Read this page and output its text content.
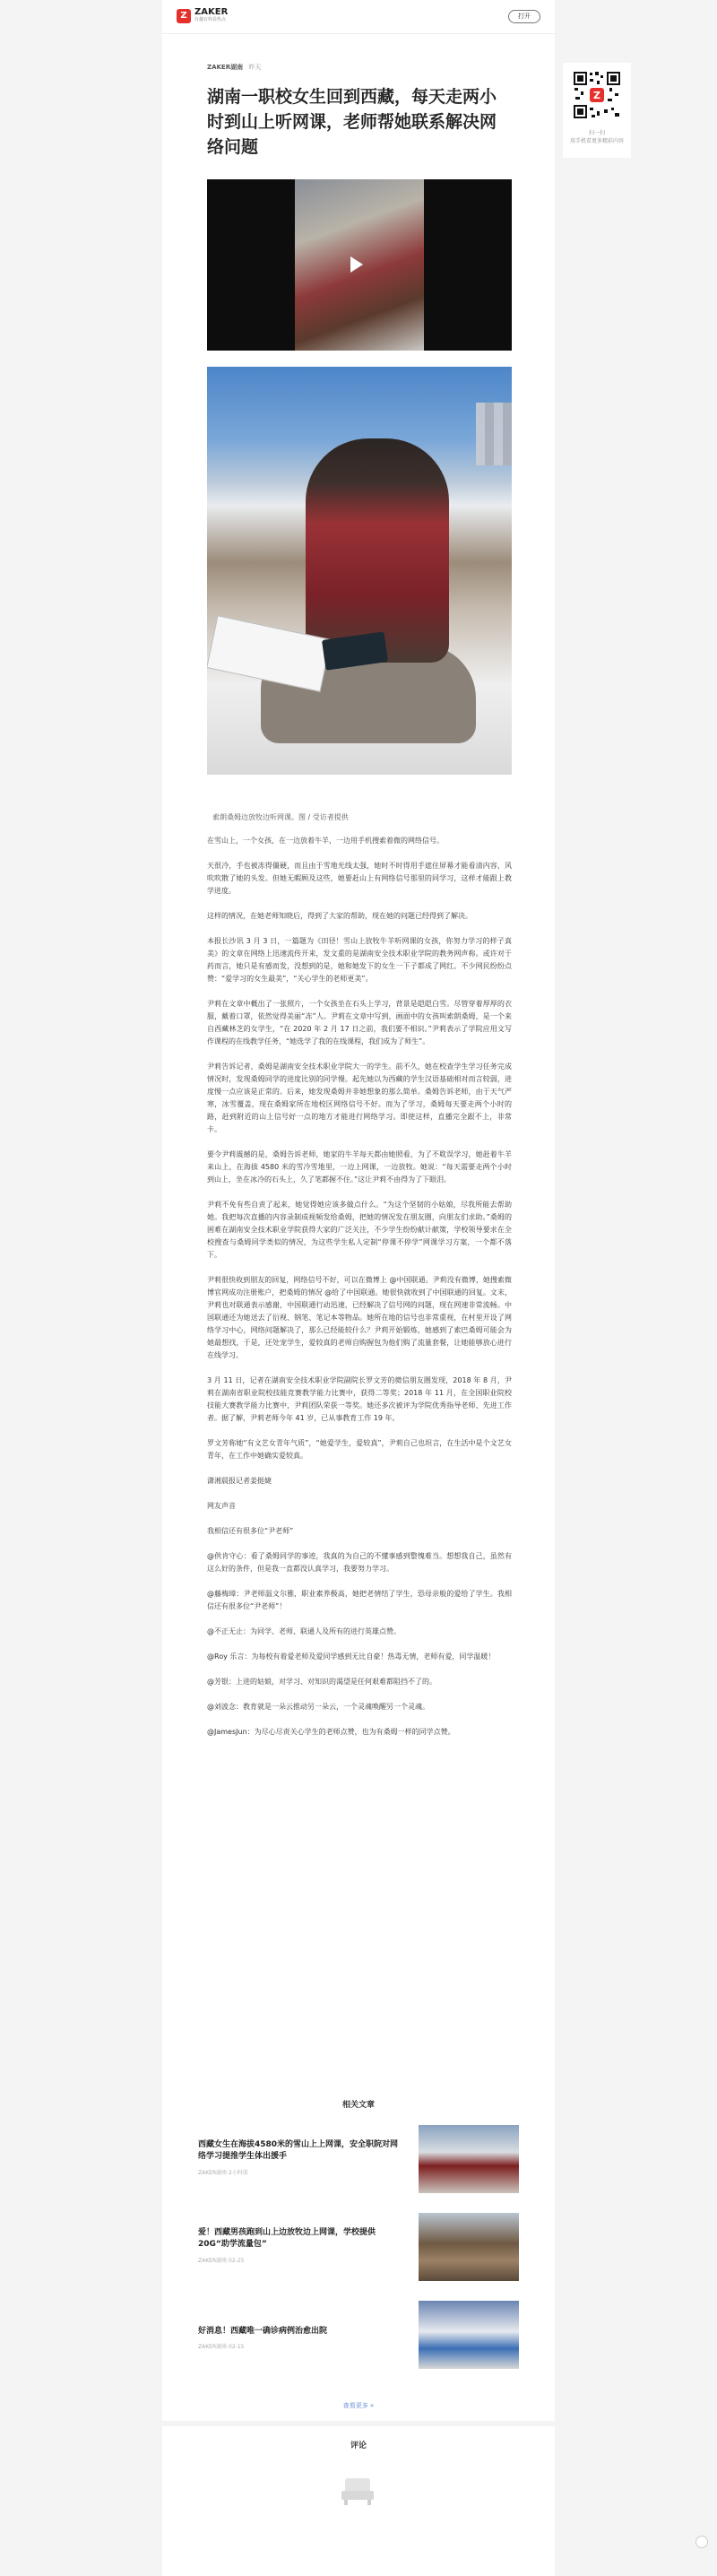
Z ZAKER
有趣有料看热点	打开
ZAKER湖南 昨天
湖南一职校女生回到西藏，每天走两小时到山上听网课，老师帮她联系解决网络问题

索朗桑姆边放牧边听网课。图 / 受访者提供

在雪山上，一个女孩，在一边放着牛羊，一边用手机搜索着微的网络信号。

天很冷，手也被冻得僵硬，而且由于雪地光线太强，她时不时得用手遮住屏幕才能看清内容，风吹吹散了她的头发。但她无暇顾及这些，她要赶山上有网络信号那里的同学习，这样才能跟上教学进度。

这样的情况，在她老师知晓后，得到了大家的帮助，现在她的问题已经得到了解决。

本报长沙讯 3 月 3 日，一篇题为《田径！雪山上放牧牛羊听网课的女孩，你努力学习的样子真美》的文章在网络上迅速流传开来，发文重的是湖南安全技术职业学院的教务网声称。或许对于药而言，她只是有感而发，没想到的是，她和她发下的女生一下子都成了网红。不少网民纷纷点赞：“爱学习的女生最美”，“关心学生的老师更美”。

尹莉在文章中概出了一张照片，一个女孩坐在石头上学习，背景是皑皑白雪。尽管穿着厚厚的衣服，戴着口罩，依然觉得美丽“冻”人。尹莉在文章中写到，画面中的女孩叫索朗桑姆，是一个来自西藏林芝的女学生，“在 2020 年 2 月 17 日之前，我们要不相识。”尹莉表示了学院应用文写作课程的在线教学任务，“她选学了我的在线课程，我们成为了师生”。

尹莉告诉记者，桑姆是湖南安全技术职业学院大一的学生。前不久，她在校查学生学习任务完成情况时，发现桑姆同学的进度比别的同学慢。起先她以为西藏的学生汉语基础相对而言较弱，进度慢一点应该是正常的。后来，她发现桑姆并非她想象的那么简单。桑姆告诉老师，由于天气严寒，冰雪覆盖，现在桑姆家所在地校区网络信号不好。而为了学习，桑姆每天要走两个小时的路，赶到附近的山上信号好一点的地方才能进行网络学习。即使这样，直播完全跟不上，非常卡。

要令尹莉震撼的是，桑姆告诉老师，她家的牛羊每天都由她照看，为了不耽误学习，她赶着牛羊来山上，在海拔 4580 米的雪冷雪地里，一边上网课，一边放牧。她说：“每天需要走两个小时到山上，坐在冰冷的石头上，久了笔都握不住。”这让尹莉不由得为了下眼泪。

尹莉不免有些自责了起来，她觉得她应该多做点什么。“为这个坚韧的小姑娘，尽我所能去帮助她。我把每次直播的内容录制成视频发给桑姆，把她的情况发在朋友圈，向朋友们求助。”桑姆的困难在湖南安全技术职业学院获得大家的广泛关注，不少学生纷纷献计献策，学校领导要求在全校搜查与桑姆同学类似的情况，为这些学生私人定制“停课不停学”网课学习方案，一个都不落下。

尹莉很快收到朋友的回复，网络信号不好，可以在微博上 @中国联通。尹莉没有微博，她搜索微博官网成功注册账户，把桑姆的情况 @给了中国联通。她很快就收到了中国联通的回复。文末，尹莉也对联通表示感谢，中国联通行动迅速，已经解决了信号网的问题，现在网速非常流畅。中国联通还为她送去了衍视、钢笔、笔记本等物品。她所在地的信号也非常重视，在村里开设了网络学习中心，网络问题解决了，那么已经能较什么？尹莉开始锻炼，她感到了索巴桑姆可能会为她最想找，于是，还处宠学生，爱较真的老师自购握包为他们购了流量套餐，让她能够放心进行在线学习。

3 月 11 日，记者在湖南安全技术职业学院副院长罗文芳的微信朋友圈发现，2018 年 8 月，尹莉在湖南省职业院校技能竞赛教学能力比赛中，获得二等奖；2018 年 11 月，在全国职业院校技能大赛教学能力比赛中，尹莉团队荣获一等奖。她还多次被评为学院优秀指导老师、先进工作者。据了解，尹莉老师今年 41 岁，已从事教育工作 19 年。

罗文芳称她“有文艺女青年气质”，“她爱学生，爱较真”，尹莉自己也坦言，在生活中是个文艺女青年，在工作中她确实爱较真。

潇湘晨报记者姜挺婕

网友声音

我相信还有很多位“尹老师”

@供肯守心：看了桑姆同学的事迹，我真的为自己的不懂事感到整愧难当。想想我自己，虽然有这么好的条件，但是我一直都没认真学习，我要努力学习。

@藤梅璋：尹老师温文尔雅，职业素养极高，她把老情结了学生，恐母亲般的爱给了学生。我相信还有很多位“尹老师”！

@不正无止：为同学、老师、联通人及所有的进行英雄点赞。

@Roy 乐言：为每校有着爱老师及爱同学感到无比自豪！热毒无情，老师有爱，同学温暖！

@芳银：上进的姑娘，对学习、对知识的渴望是任何艰难都阻挡不了的。

@刘波念：教育就是一朵云推动另一朵云，一个灵魂唤醒另一个灵魂。

@JamesJun：为尽心尽责关心学生的老师点赞，也为有桑姆一样的同学点赞。

相关文章
西藏女生在海拔4580米的雪山上上网课，安全职院对网络学习提推学生体出援手
ZAKER湖南 2小时前
爱！西藏男孩跑到山上边放牧边上网课，学校提供20G“助学流量包”
ZAKER湖南 02-25
好消息！西藏唯一确诊病例治愈出院
ZAKER湖南 02-15
查看更多 »
评论
Z
扫一扫
用手机看更多精彩内容
